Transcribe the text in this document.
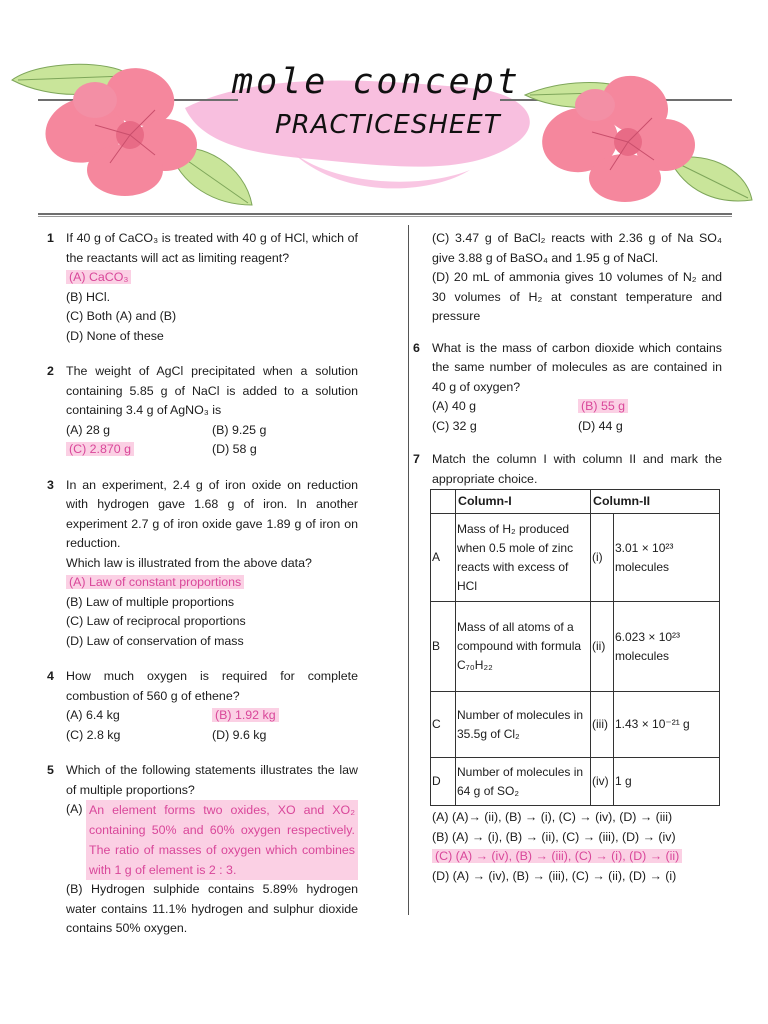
mole concept
PRACTICESHEET
1 If 40 g of CaCO₃ is treated with 40 g of HCl, which of the reactants will act as limiting reagent?
(A) CaCO₃
(B) HCl.
(C) Both (A) and (B)
(D) None of these
2 The weight of AgCl precipitated when a solution containing 5.85 g of NaCl is added to a solution containing 3.4 g of AgNO₃ is
(A) 28 g	(B) 9.25 g
(C) 2.870 g	(D) 58 g
3 In an experiment, 2.4 g of iron oxide on reduction with hydrogen gave 1.68 g of iron. In another experiment 2.7 g of iron oxide gave 1.89 g of iron on reduction.
Which law is illustrated from the above data?
(A) Law of constant proportions
(B) Law of multiple proportions
(C) Law of reciprocal proportions
(D) Law of conservation of mass
4 How much oxygen is required for complete combustion of 560 g of ethene?
(A) 6.4 kg	(B) 1.92 kg
(C) 2.8 kg	(D) 9.6 kg
5 Which of the following statements illustrates the law of multiple proportions?
(A) An element forms two oxides, XO and XO₂ containing 50% and 60% oxygen respectively. The ratio of masses of oxygen which combines with 1 g of element is 2 : 3.
(B) Hydrogen sulphide contains 5.89% hydrogen water contains 11.1% hydrogen and sulphur dioxide contains 50% oxygen.
(C) 3.47 g of BaCl₂ reacts with 2.36 g of Na SO₄ give 3.88 g of BaSO₄ and 1.95 g of NaCl.
(D) 20 mL of ammonia gives 10 volumes of N₂ and 30 volumes of H₂ at constant temperature and pressure
6 What is the mass of carbon dioxide which contains the same number of molecules as are contained in 40 g of oxygen?
(A) 40 g	(B) 55 g
(C) 32 g	(D) 44 g
7 Match the column I with column II and mark the appropriate choice.
	Column-I	Column-II	
A	Mass of H₂ produced when 0.5 mole of zinc reacts with excess of HCl	(i)	3.01 × 10²³ molecules
B	Mass of all atoms of a compound with formula C₇₀H₂₂	(ii)	6.023 × 10²³ molecules
C	Number of molecules in 35.5g of Cl₂	(iii)	1.43 × 10⁻²¹ g
D	Number of molecules in 64 g of SO₂	(iv)	1 g
(A) (A)→ (ii), (B) → (i), (C) → (iv), (D) → (iii)
(B) (A) → (i), (B) → (ii), (C) → (iii), (D) → (iv)
(C) (A) → (iv), (B) → (iii), (C) → (i), (D) → (ii)
(D) (A) → (iv), (B) → (iii), (C) → (ii), (D) → (i)
